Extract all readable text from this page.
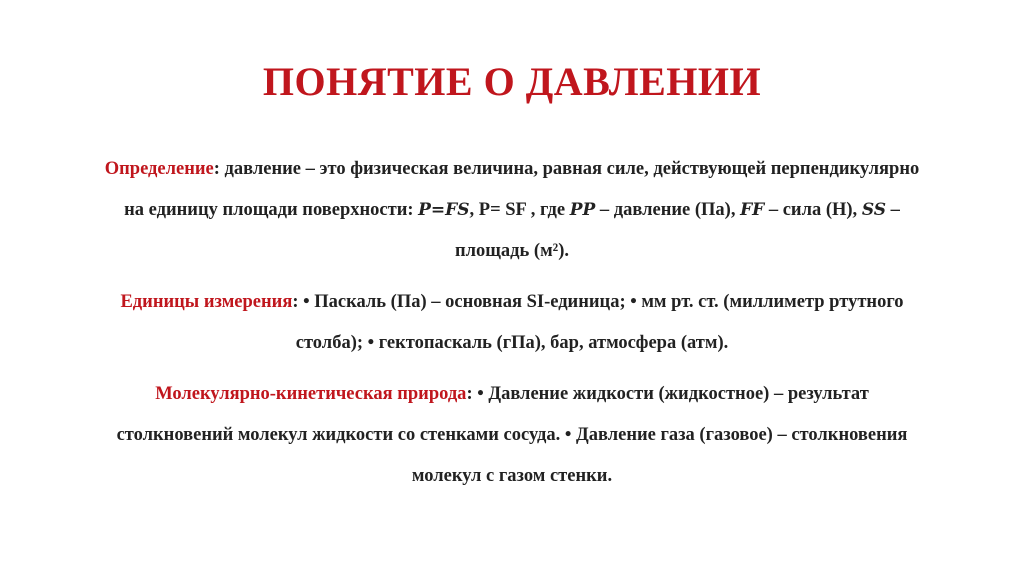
ПОНЯТИЕ О ДАВЛЕНИИ

Определение: давление – это физическая величина, равная силе, действующей перпендикулярно на единицу площади поверхности: P=FS, P= SF , где PP – давление (Па), FF – сила (Н), SS – площадь (м²).

Единицы измерения: • Паскаль (Па) – основная SI-единица; • мм рт. ст. (миллиметр ртутного столба); • гектопаскаль (гПа), бар, атмосфера (атм).

Молекулярно-кинетическая природа: • Давление жидкости (жидкостное) – результат столкновений молекул жидкости со стенками сосуда. • Давление газа (газовое) – столкновения молекул с газом стенки.
